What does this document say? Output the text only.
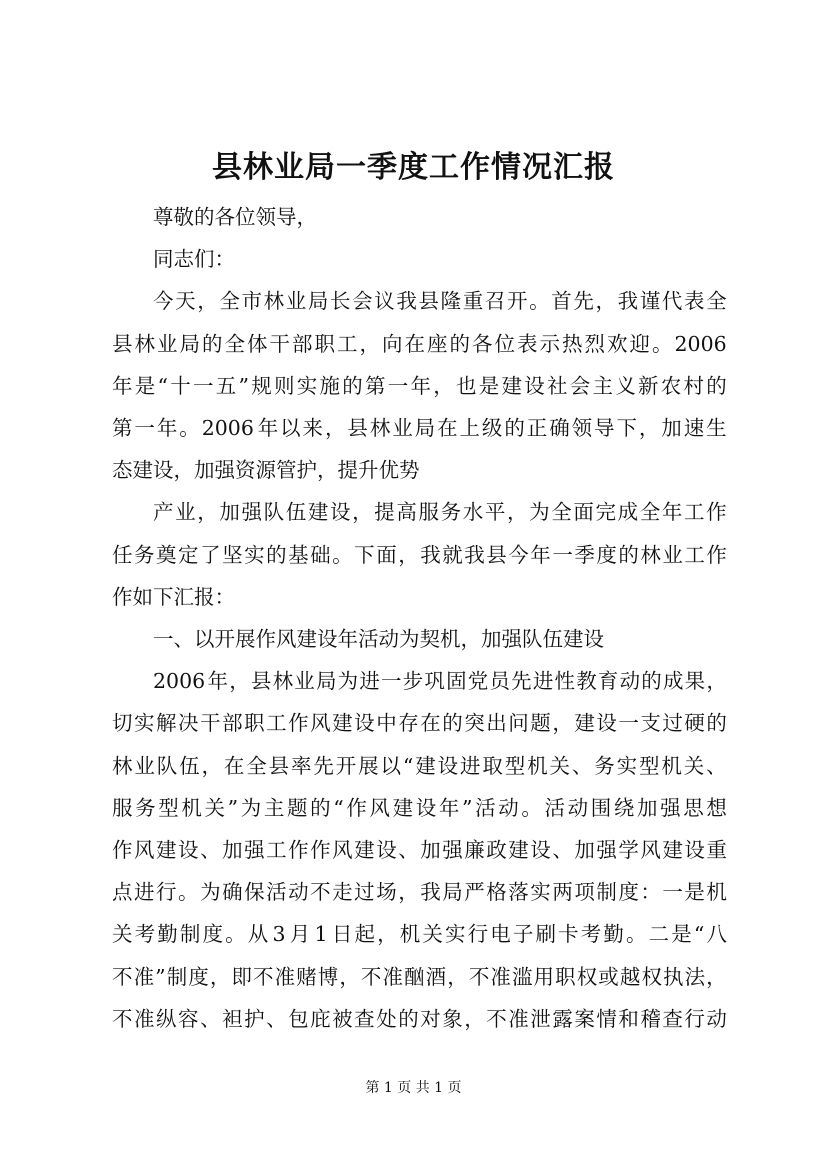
县林业局一季度工作情况汇报
尊敬的各位领导，
同志们：
今 天 ， 全 市 林 业 局 长 会 议 我 县 隆 重 召 开 。 首 先 ， 我 谨 代 表 全
县 林 业 局 的 全 体 干 部 职 工 ， 向 在 座 的 各 位 表 示 热 烈 欢 迎 。 2006
年 是 “ 十 一 五 ” 规 则 实 施 的 第 一 年 ， 也 是 建 设 社 会 主 义 新 农 村 的
第 一 年 。 2006 年 以 来 ， 县 林 业 局 在 上 级 的 正 确 领 导 下 ， 加 速 生
态建设，加强资源管护，提升优势
产 业 ， 加 强 队 伍 建 设 ， 提 高 服 务 水 平 ， 为 全 面 完 成 全 年 工 作
任 务 奠 定 了 坚 实 的 基 础 。 下 面 ， 我 就 我 县 今 年 一 季 度 的 林 业 工 作
作如下汇报：
一、以开展作风建设年活动为契机，加强队伍建设
2006 年 ， 县 林 业 局 为 进 一 步 巩 固 党 员 先 进 性 教 育 动 的 成 果 ，
切 实 解 决 干 部 职 工 作 风 建 设 中 存 在 的 突 出 问 题 ， 建 设 一 支 过 硬 的
林 业 队 伍 ， 在 全 县 率 先 开 展 以 “ 建 设 进 取 型 机 关 、 务 实 型 机 关 、
服 务 型 机 关 ” 为 主 题 的 “ 作 风 建 设 年 ” 活 动 。 活 动 围 绕 加 强 思 想
作 风 建 设 、 加 强 工 作 作 风 建 设 、 加 强 廉 政 建 设 、 加 强 学 风 建 设 重
点 进 行 。 为 确 保 活 动 不 走 过 场 ， 我 局 严 格 落 实 两 项 制 度 ： 一 是 机
关 考 勤 制 度 。 从 3 月 1 日 起 ， 机 关 实 行 电 子 刷 卡 考 勤 。 二 是 “ 八
不 准 ” 制 度 ， 即 不 准 赌 博 ， 不 准 酗 酒 ， 不 准 滥 用 职 权 或 越 权 执 法 ，
不 准 纵 容 、 袒 护 、 包 庇 被 查 处 的 对 象 ， 不 准 泄 露 案 情 和 稽 查 行 动
第 1 页 共 1 页
